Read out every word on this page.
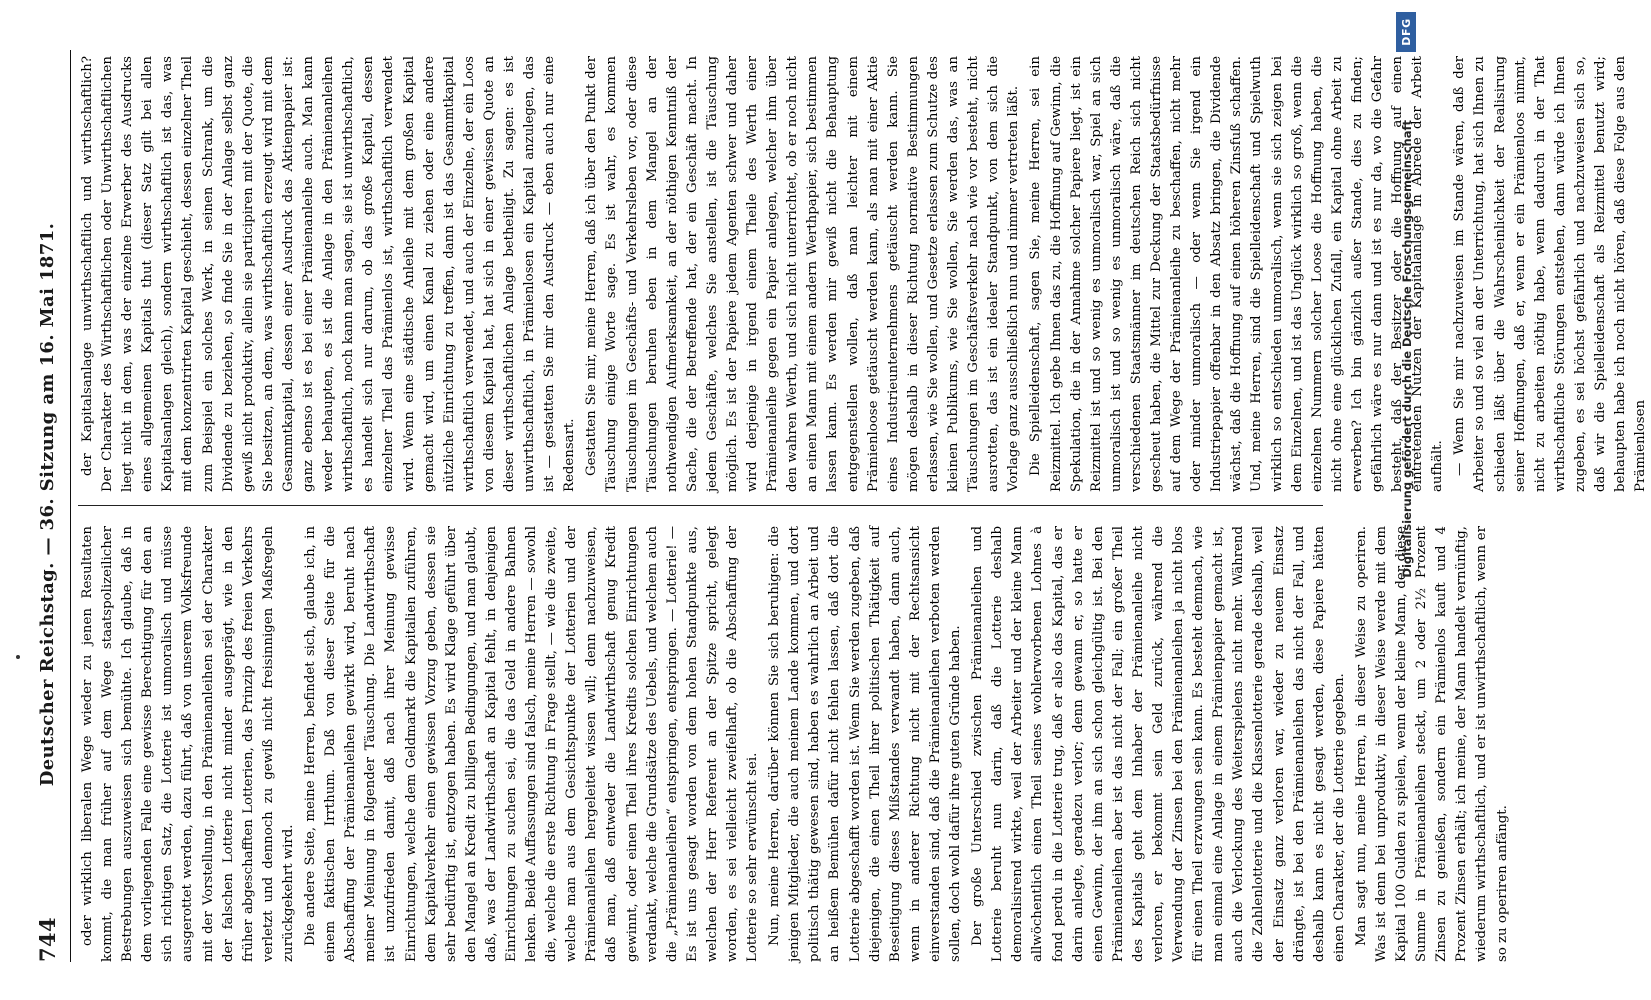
744
Deutscher Reichstag. — 36. Sitzung am 16. Mai 1871. oder wirklich liberalen Wege wieder zu jenen Resultaten kommt, die man früher auf dem Wege staatspolizeilicher Bestrebungen auszuweisen sich bemühte. Ich glaube, daß in dem vorliegenden Falle eine gewisse Berechtigung für den an sich richtigen Satz, die Lotterie ist unmoralisch und müsse ausgerottet werden, dazu führt, daß von unserem Volksfreunde mit der Vorstellung, in den Prämienanleihen sei der Charakter der falschen Lotterie nicht minder ausgeprägt, wie in den früher abgeschafften Lotterien, das Prinzip des freien Verkehrs verletzt und dennoch zu gewiß nicht freisinnigen Maßregeln zurückgekehrt wird. Die andere Seite, meine Herren, befindet sich, glaube ich, in einem faktischen Irrthum. Daß von dieser Seite für die Abschaffung der Prämienanleihen gewirkt wird, beruht nach meiner Meinung in folgender Täuschung. Die Landwirthschaft ist unzufrieden damit, daß nach ihrer Meinung gewisse Einrichtungen, welche dem Geldmarkt die Kapitalien zuführen, dem Kapitalverkehr einen gewissen Vorzug geben, dessen sie sehr bedürftig ist, entzogen haben. Es wird Klage geführt über den Mangel an Kredit zu billigen Bedingungen, und man glaubt, daß, was der Landwirthschaft an Kapital fehlt, in denjenigen Einrichtungen zu suchen sei, die das Geld in andere Bahnen lenken. Beide Auffassungen sind falsch, meine Herren — sowohl die, welche die erste Richtung in Frage stellt, — wie die zweite, welche man aus dem Gesichtspunkte der Lotterien und der Prämienanleihen hergeleitet wissen will; denn nachzuweisen, daß man, daß entweder die Landwirthschaft genug Kredit gewinnt, oder einen Theil ihres Kredits solchen Einrichtungen verdankt, welche die Grundsätze des Uebels, und welchem auch die „Prämienanleihen“ entspringen, entspringen. — Lotterie! — Es ist uns gesagt worden von dem hohen Standpunkte aus, welchen der Herr Referent an der Spitze spricht, gelegt worden, es sei vielleicht zweifelhaft, ob die Abschaffung der Lotterie so sehr erwünscht sei. Nun, meine Herren, darüber können Sie sich beruhigen: die jenigen Mitglieder, die auch meinem Lande kommen, und dort politisch thätig gewesen sind, haben es wahrlich an Arbeit und an heißem Bemühen dafür nicht fehlen lassen, daß dort die Lotterie abgeschafft worden ist. Wenn Sie werden zugeben, daß diejenigen, die einen Theil ihrer politischen Thätigkeit auf Beseitigung dieses Mißstandes verwandt haben, dann auch, wenn in anderer Richtung nicht mit der Rechtsansicht einverstanden sind, daß die Prämienanleihen verboten werden sollen, doch wohl dafür ihre guten Gründe haben. Der große Unterschied zwischen Prämienanleihen und Lotterie beruht nun darin, daß die Lotterie deshalb demoralisirend wirkte, weil der Arbeiter und der kleine Mann allwöchentlich einen Theil seines wohlerworbenen Lohnes à fond perdu in die Lotterie trug, daß er also das Kapital, das er darin anlegte, geradezu verlor; denn gewann er, so hatte er einen Gewinn, der ihm an sich schon gleichgültig ist. Bei den Prämienanleihen aber ist das nicht der Fall; ein großer Theil des Kapitals geht dem Inhaber der Prämienanleihe nicht verloren, er bekommt sein Geld zurück, während die Verwendung der Zinsen bei den Prämienanleihen ja nicht blos für einen Theil erzwungen sein kann. Es besteht demnach, wie man einmal eine Anlage in einem Prämienpapier gemacht ist, auch die Verlockung des Weiterspielens nicht mehr. Während die Zahlenlotterie und die Klassenlotterie gerade deshalb, weil der Einsatz ganz verloren war, wieder zu neuem Einsatz drängte, ist bei den Prämienanleihen das nicht der Fall, und deshalb kann es nicht gesagt werden, diese Papiere hätten einen Charakter, der die Lotterie gegeben. Man sagt nun, meine Herren, in dieser Weise zu operiren. Was ist denn bei unproduktiv, in dieser Weise werde mit dem Kapital 100 Gulden zu spielen, wenn der kleine Mann, der diese Summe in Prämienanleihen steckt, um 2 oder 2½ Prozent Zinsen zu genießen, sondern ein Prämienlos kauft und 4 Prozent Zinsen erhält; ich meine, der Mann handelt vernünftig, wiederum wirthschaftlich, und er ist unwirthschaftlich, wenn er so zu operiren anfängt.

der Kapitalsanlage unwirthschaftlich und wirthschaftlich? Der Charakter des Wirthschaftlichen oder Unwirthschaftlichen liegt nicht in dem, was der einzelne Erwerber des Ausdrucks eines allgemeinen Kapitals thut (dieser Satz gilt bei allen Kapitalsanlagen gleich), sondern wirthschaftlich ist das, was mit dem konzentrirten Kapital geschieht, dessen einzelner Theil zum Beispiel ein solches Werk, in seinen Schrank, um die Dividende zu beziehen, so finde Sie in der Anlage selbst ganz gewiß nicht produktiv, allein sie participiren mit der Quote, die Sie besitzen, an dem, was wirthschaftlich erzeugt wird mit dem Gesammtkapital, dessen einer Ausdruck das Aktienpapier ist: ganz ebenso ist es bei einer Prämienanleihe auch. Man kann weder behaupten, es ist die Anlage in den Prämienanleihen wirthschaftlich, noch kann man sagen, sie ist unwirthschaftlich, es handelt sich nur darum, ob das große Kapital, dessen einzelner Theil das Prämienlos ist, wirthschaftlich verwendet wird. Wenn eine städtische Anleihe mit dem großen Kapital gemacht wird, um einen Kanal zu ziehen oder eine andere nützliche Einrichtung zu treffen, dann ist das Gesammtkapital wirthschaftlich verwendet, und auch der Einzelne, der ein Loos von diesem Kapital hat, hat sich in einer gewissen Quote an dieser wirthschaftlichen Anlage betheiligt. Zu sagen: es ist unwirthschaftlich, in Prämienlosen ein Kapital anzulegen, das ist — gestatten Sie mir den Ausdruck — eben auch nur eine Redensart. Gestatten Sie mir, meine Herren, daß ich über den Punkt der Täuschung einige Worte sage. Es ist wahr, es kommen Täuschungen im Geschäfts- und Verkehrsleben vor, oder diese Täuschungen beruhen eben in dem Mangel an der nothwendigen Aufmerksamkeit, an der nöthigen Kenntniß der Sache, die der Betreffende hat, der ein Geschäft macht. In jedem Geschäfte, welches Sie anstellen, ist die Täuschung möglich. Es ist der Papiere jedem Agenten schwer und daher wird derjenige in irgend einem Theile des Werth einer Prämienanleihe gegen ein Papier anlegen, welcher ihm über den wahren Werth, und sich nicht unterrichtet, ob er noch nicht an einen Mann mit einem andern Werthpapier, sich bestimmen lassen kann. Es werden mir gewiß nicht die Behauptung entgegenstellen wollen, daß man leichter mit einem Prämienloose getäuscht werden kann, als man mit einer Aktie eines Industrieunternehmens getäuscht werden kann. Sie mögen deshalb in dieser Richtung normative Bestimmungen erlassen, wie Sie wollen, und Gesetze erlassen zum Schutze des kleinen Publikums, wie Sie wollen, Sie werden das, was an Täuschungen im Geschäftsverkehr nach wie vor besteht, nicht ausrotten, das ist ein idealer Standpunkt, von dem sich die Vorlage ganz ausschließlich nun und nimmer vertreten läßt. Die Spielleidenschaft, sagen Sie, meine Herren, sei ein Reizmittel. Ich gebe Ihnen das zu, die Hoffnung auf Gewinn, die Spekulation, die in der Annahme solcher Papiere liegt, ist ein Reizmittel ist und so wenig es unmoralisch war, Spiel an sich unmoralisch ist und so wenig es unmoralisch wäre, daß die verschiedenen Staatsmänner im deutschen Reich sich nicht gescheut haben, die Mittel zur Deckung der Staatsbedürfnisse auf dem Wege der Prämienanleihe zu beschaffen, nicht mehr oder minder unmoralisch — oder wenn Sie irgend ein Industriepapier offenbar in den Absatz bringen, die Dividende wächst, daß die Hoffnung auf einen höheren Zinsfuß schaffen. Und, meine Herren, sind die Spielleidenschaft und Spielwuth wirklich so entschieden unmoralisch, wenn sie sich zeigen bei dem Einzelnen, und ist das Unglück wirklich so groß, wenn die einzelnen Nummern solcher Loose die Hoffnung haben, die nicht ohne eine glücklichen Zufall, ein Kapital ohne Arbeit zu erwerben? Ich bin gänzlich außer Stande, dies zu finden; gefährlich wäre es nur dann und ist es nur da, wo die Gefahr besteht, daß der Besitzer oder die Hoffnung auf einen eintretenden Nutzen der Kapitalanlage in Abrede der Arbeit aufhält. — Wenn Sie mir nachzuweisen im Stande wären, daß der Arbeiter so und so viel an der Unterrichtung, hat sich Ihnen zu schieden läßt über die Wahrscheinlichkeit der Realisirung seiner Hoffnungen, daß er, wenn er ein Prämienloos nimmt, nicht zu arbeiten nöthig habe, wenn dadurch in der That wirthschaftliche Störungen entstehen, dann würde ich Ihnen zugeben, es sei höchst gefährlich und nachzuweisen sich so, daß wir die Spielleidenschaft als Reizmittel benutzt wird; behaupten habe ich noch nicht hören, daß diese Folge aus den Prämienlosen

Digitalisierung gefördert durch die Deutsche Forschungsgemeinschaft
DFG
